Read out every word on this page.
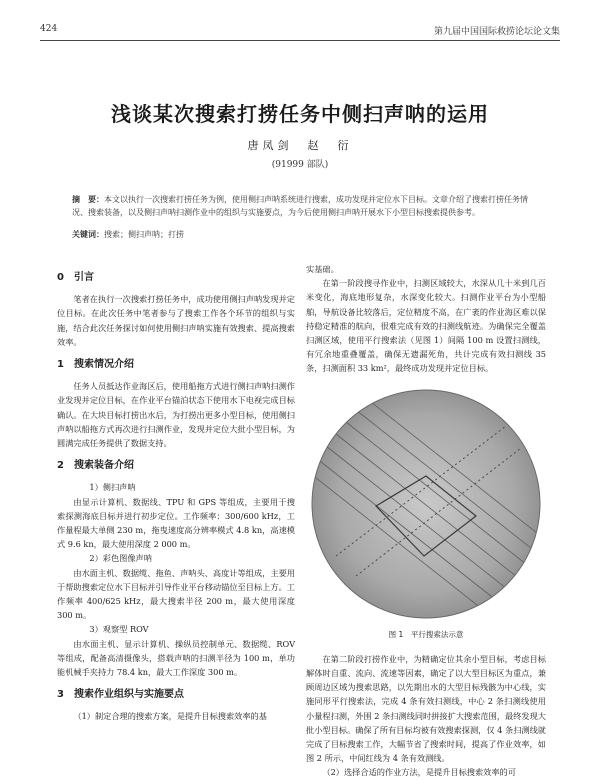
424	第九届中国国际救捞论坛论文集
浅谈某次搜索打捞任务中侧扫声呐的运用
唐凤剑　赵　衍
(91999 部队)
摘　要：本文以执行一次搜索打捞任务为例，使用侧扫声呐系统进行搜索，成功发现并定位水下目标。文章介绍了搜索打捞任务情况、搜索装备，以及侧扫声呐扫测作业中的组织与实施要点，为今后使用侧扫声呐开展水下小型目标搜索提供参考。
关键词：搜索；侧扫声呐；打捞
0　引言

笔者在执行一次搜索打捞任务中，成功使用侧扫声呐发现并定位目标。在此次任务中笔者参与了搜索工作各个环节的组织与实施，结合此次任务探讨如何使用侧扫声呐实施有效搜索、提高搜索效率。

1　搜索情况介绍

任务人员抵达作业海区后，使用船拖方式进行侧扫声呐扫测作业发现并定位目标，在作业平台锚泊状态下使用水下电视完成目标确认。在大块目标打捞出水后，为打捞出更多小型目标，使用侧扫声呐以船拖方式再次进行扫测作业，发现并定位大批小型目标，为圆满完成任务提供了数据支持。

2　搜索装备介绍

1）侧扫声呐

由显示计算机、数据线、TPU 和 GPS 等组成，主要用于搜索探测海底目标并进行初步定位。工作频率：300/600 kHz，工作量程最大单侧 230 m，拖曳速度高分辨率模式 4.8 kn，高速模式 9.6 kn，最大使用深度 2 000 m。

2）彩色图像声呐

由水面主机、数据缆、拖鱼、声呐头、高度计等组成，主要用于帮助搜索定位水下目标并引导作业平台移动锚位至目标上方。工作频率 400/625 kHz，最大搜索半径 200 m，最大使用深度 300 m。

3）观察型 ROV

由水面主机、显示计算机、操纵员控制单元、数据缆、ROV 等组成，配备高清摄像头，搭载声呐的扫测半径为 100 m，单功能机械手夹持力 78.4 kn，最大工作深度 300 m。

3　搜索作业组织与实施要点

（1）制定合理的搜索方案，是提升目标搜索效率的基

实基础。

在第一阶段搜寻作业中，扫测区域较大，水深从几十米到几百米变化，海底地形复杂，水深变化较大。扫测作业平台为小型船舶，导航设备比较落后，定位精度不高，在广袤的作业海区难以保持稳定精准的航向，很难完成有效的扫测线航迹。为确保完全覆盖扫测区域，使用平行搜索法（见图 1）间隔 100 m 设置扫测线，有冗余地重叠覆盖，确保无遗漏死角，共计完成有效扫测线 35 条，扫测面积 33 km²，最终成功发现并定位目标。

图 1　平行搜索法示意

在第二阶段打捞作业中，为精确定位其余小型目标，考虑目标解体时自重、流向、流速等因素，确定了以大型目标区为重点，兼顾周边区域为搜索思路，以先期出水的大型目标残骸为中心线，实施同形平行搜索法，完成 4 条有效扫测线，中心 2 条扫测线使用小量程扫测，外围 2 条扫测线同时拼接扩大搜索范围，最终发现大批小型目标。确保了所有目标均被有效搜索探测，仅 4 条扫测线就完成了目标搜索工作，大幅节省了搜索时间，提高了作业效率，如图 2 所示，中间红线为 4 条有效测线。

（2）选择合适的作业方法，是提升目标搜索效率的可
